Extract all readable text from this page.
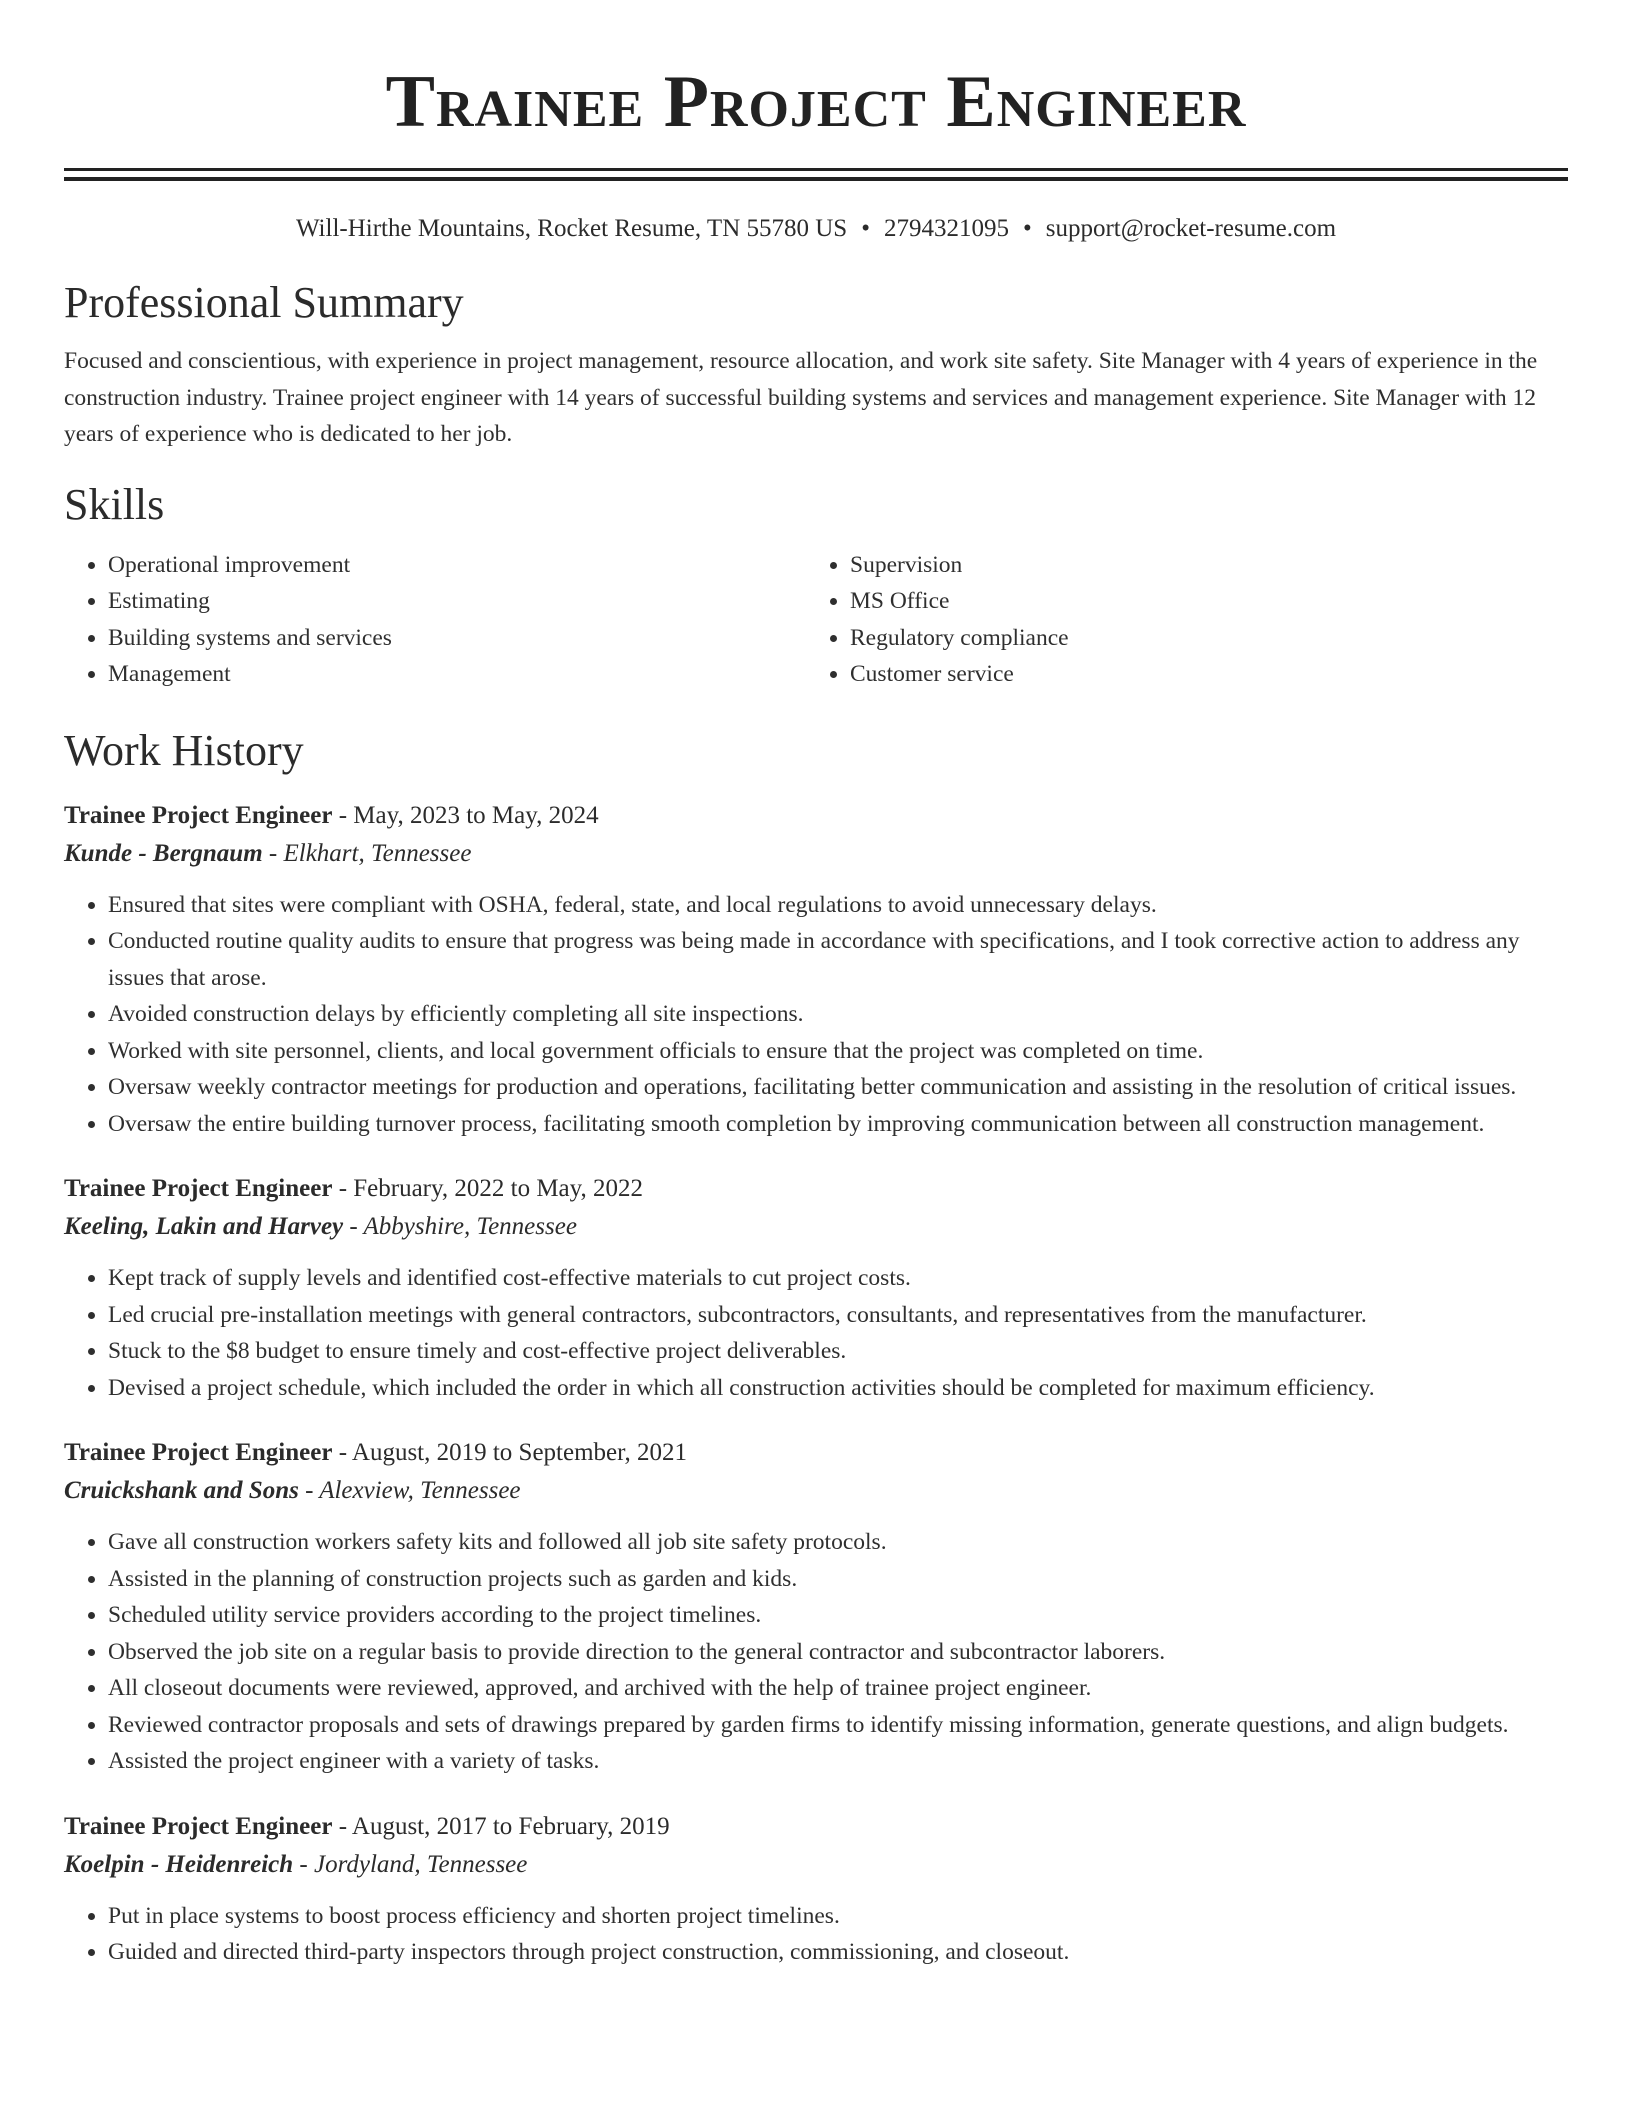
Trainee Project Engineer
Will-Hirthe Mountains, Rocket Resume, TN 55780 US • 2794321095 • support@rocket-resume.com
Professional Summary

Focused and conscientious, with experience in project management, resource allocation, and work site safety. Site Manager with 4 years of experience in the construction industry. Trainee project engineer with 14 years of successful building systems and services and management experience. Site Manager with 12 years of experience who is dedicated to her job.

Skills
• Operational improvement
• Estimating
• Building systems and services
• Management
• Supervision
• MS Office
• Regulatory compliance
• Customer service
Work History
Trainee Project Engineer - May, 2023 to May, 2024
Kunde - Bergnaum - Elkhart, Tennessee
• Ensured that sites were compliant with OSHA, federal, state, and local regulations to avoid unnecessary delays.
• Conducted routine quality audits to ensure that progress was being made in accordance with specifications, and I took corrective action to address any issues that arose.
• Avoided construction delays by efficiently completing all site inspections.
• Worked with site personnel, clients, and local government officials to ensure that the project was completed on time.
• Oversaw weekly contractor meetings for production and operations, facilitating better communication and assisting in the resolution of critical issues.
• Oversaw the entire building turnover process, facilitating smooth completion by improving communication between all construction management.
Trainee Project Engineer - February, 2022 to May, 2022
Keeling, Lakin and Harvey - Abbyshire, Tennessee
• Kept track of supply levels and identified cost-effective materials to cut project costs.
• Led crucial pre-installation meetings with general contractors, subcontractors, consultants, and representatives from the manufacturer.
• Stuck to the $8 budget to ensure timely and cost-effective project deliverables.
• Devised a project schedule, which included the order in which all construction activities should be completed for maximum efficiency.
Trainee Project Engineer - August, 2019 to September, 2021
Cruickshank and Sons - Alexview, Tennessee
• Gave all construction workers safety kits and followed all job site safety protocols.
• Assisted in the planning of construction projects such as garden and kids.
• Scheduled utility service providers according to the project timelines.
• Observed the job site on a regular basis to provide direction to the general contractor and subcontractor laborers.
• All closeout documents were reviewed, approved, and archived with the help of trainee project engineer.
• Reviewed contractor proposals and sets of drawings prepared by garden firms to identify missing information, generate questions, and align budgets.
• Assisted the project engineer with a variety of tasks.
Trainee Project Engineer - August, 2017 to February, 2019
Koelpin - Heidenreich - Jordyland, Tennessee
• Put in place systems to boost process efficiency and shorten project timelines.
• Guided and directed third-party inspectors through project construction, commissioning, and closeout.
